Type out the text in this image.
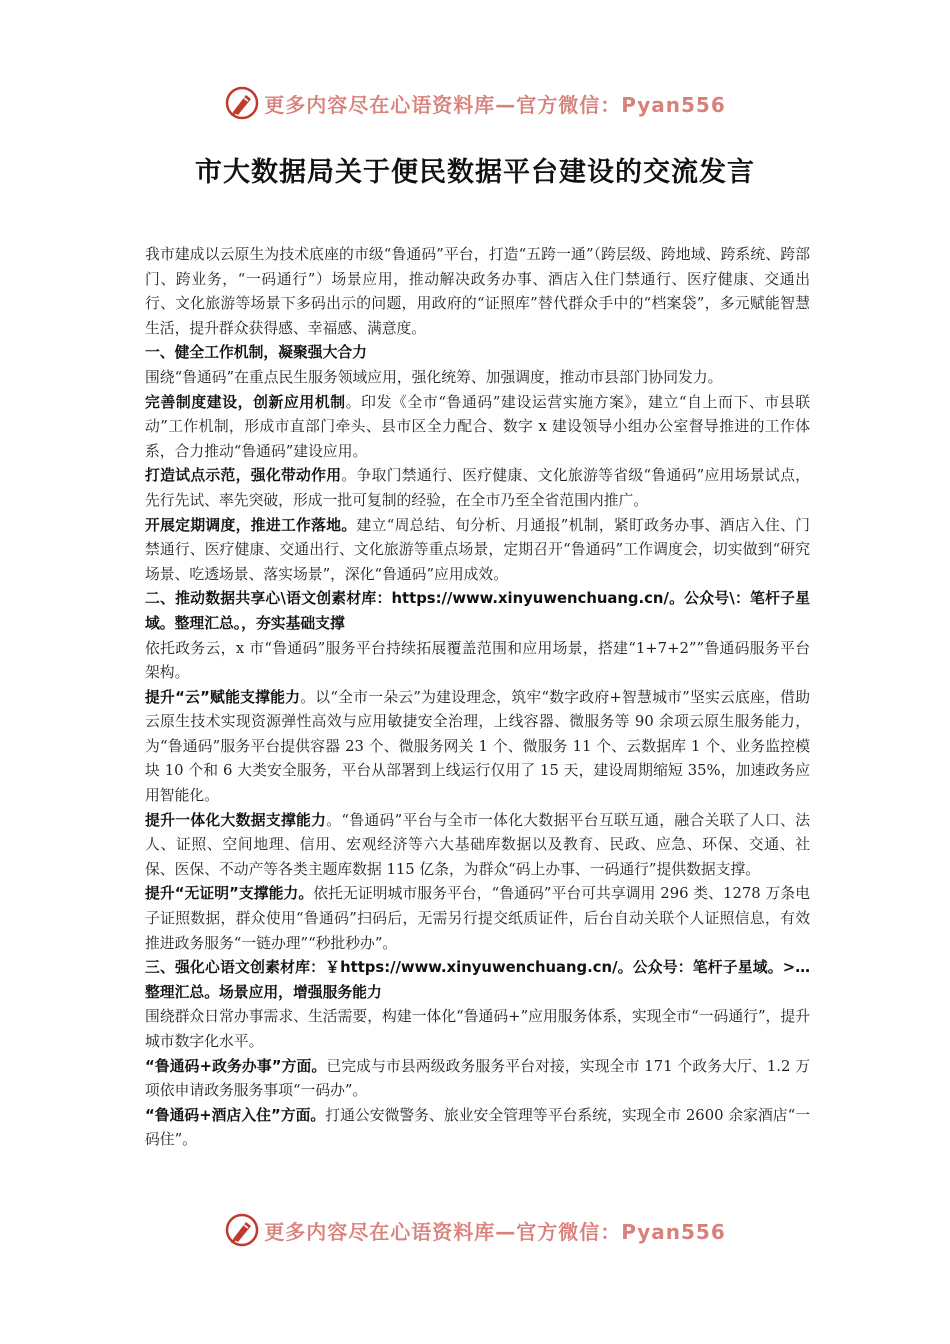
更多内容尽在心语资料库—官方微信：Pyan556
市大数据局关于便民数据平台建设的交流发言

我市建成以云原生为技术底座的市级“鲁通码”平台，打造“五跨一通”（跨层级、跨地域、跨系统、跨部门、跨业务，“一码通行”）场景应用，推动解决政务办事、酒店入住门禁通行、医疗健康、交通出行、文化旅游等场景下多码出示的问题，用政府的“证照库”替代群众手中的“档案袋”，多元赋能智慧生活，提升群众获得感、幸福感、满意度。

一、健全工作机制，凝聚强大合力

围绕“鲁通码”在重点民生服务领域应用，强化统筹、加强调度，推动市县部门协同发力。

完善制度建设，创新应用机制。印发《全市“鲁通码”建设运营实施方案》，建立“自上而下、市县联动”工作机制，形成市直部门牵头、县市区全力配合、数字 x 建设领导小组办公室督导推进的工作体系，合力推动“鲁通码”建设应用。

打造试点示范，强化带动作用。争取门禁通行、医疗健康、文化旅游等省级“鲁通码”应用场景试点，先行先试、率先突破，形成一批可复制的经验，在全市乃至全省范围内推广。

开展定期调度，推进工作落地。建立“周总结、旬分析、月通报”机制，紧盯政务办事、酒店入住、门禁通行、医疗健康、交通出行、文化旅游等重点场景，定期召开“鲁通码”工作调度会，切实做到“研究场景、吃透场景、落实场景”，深化“鲁通码”应用成效。

二、推动数据共享心\语文创素材库：https://www.xinyuwenchuang.cn/。公众号\：笔杆子星域。整理汇总。，夯实基础支撑

依托政务云，x 市“鲁通码”服务平台持续拓展覆盖范围和应用场景，搭建“1+7+2””鲁通码服务平台架构。

提升“云”赋能支撑能力。以“全市一朵云”为建设理念，筑牢“数字政府+智慧城市”坚实云底座，借助云原生技术实现资源弹性高效与应用敏捷安全治理，上线容器、微服务等 90 余项云原生服务能力，为“鲁通码”服务平台提供容器 23 个、微服务网关 1 个、微服务 11 个、云数据库 1 个、业务监控模块 10 个和 6 大类安全服务，平台从部署到上线运行仅用了 15 天，建设周期缩短 35%，加速政务应用智能化。

提升一体化大数据支撑能力。“鲁通码”平台与全市一体化大数据平台互联互通，融合关联了人口、法人、证照、空间地理、信用、宏观经济等六大基础库数据以及教育、民政、应急、环保、交通、社保、医保、不动产等各类主题库数据 115 亿条，为群众“码上办事、一码通行”提供数据支撑。

提升“无证明”支撑能力。依托无证明城市服务平台，“鲁通码”平台可共享调用 296 类、1278 万条电子证照数据，群众使用“鲁通码”扫码后，无需另行提交纸质证件，后台自动关联个人证照信息，有效推进政务服务“一链办理”“秒批秒办”。

三、强化心语文创素材库：￥https://www.xinyuwenchuang.cn/。公众号：笔杆子星域。>…整理汇总。场景应用，增强服务能力

围绕群众日常办事需求、生活需要，构建一体化“鲁通码+”应用服务体系，实现全市“一码通行”，提升城市数字化水平。

“鲁通码+政务办事”方面。已完成与市县两级政务服务平台对接，实现全市 171 个政务大厅、1.2 万项依申请政务服务事项“一码办”。

“鲁通码+酒店入住”方面。打通公安微警务、旅业安全管理等平台系统，实现全市 2600 余家酒店“一码住”。

更多内容尽在心语资料库—官方微信：Pyan556
